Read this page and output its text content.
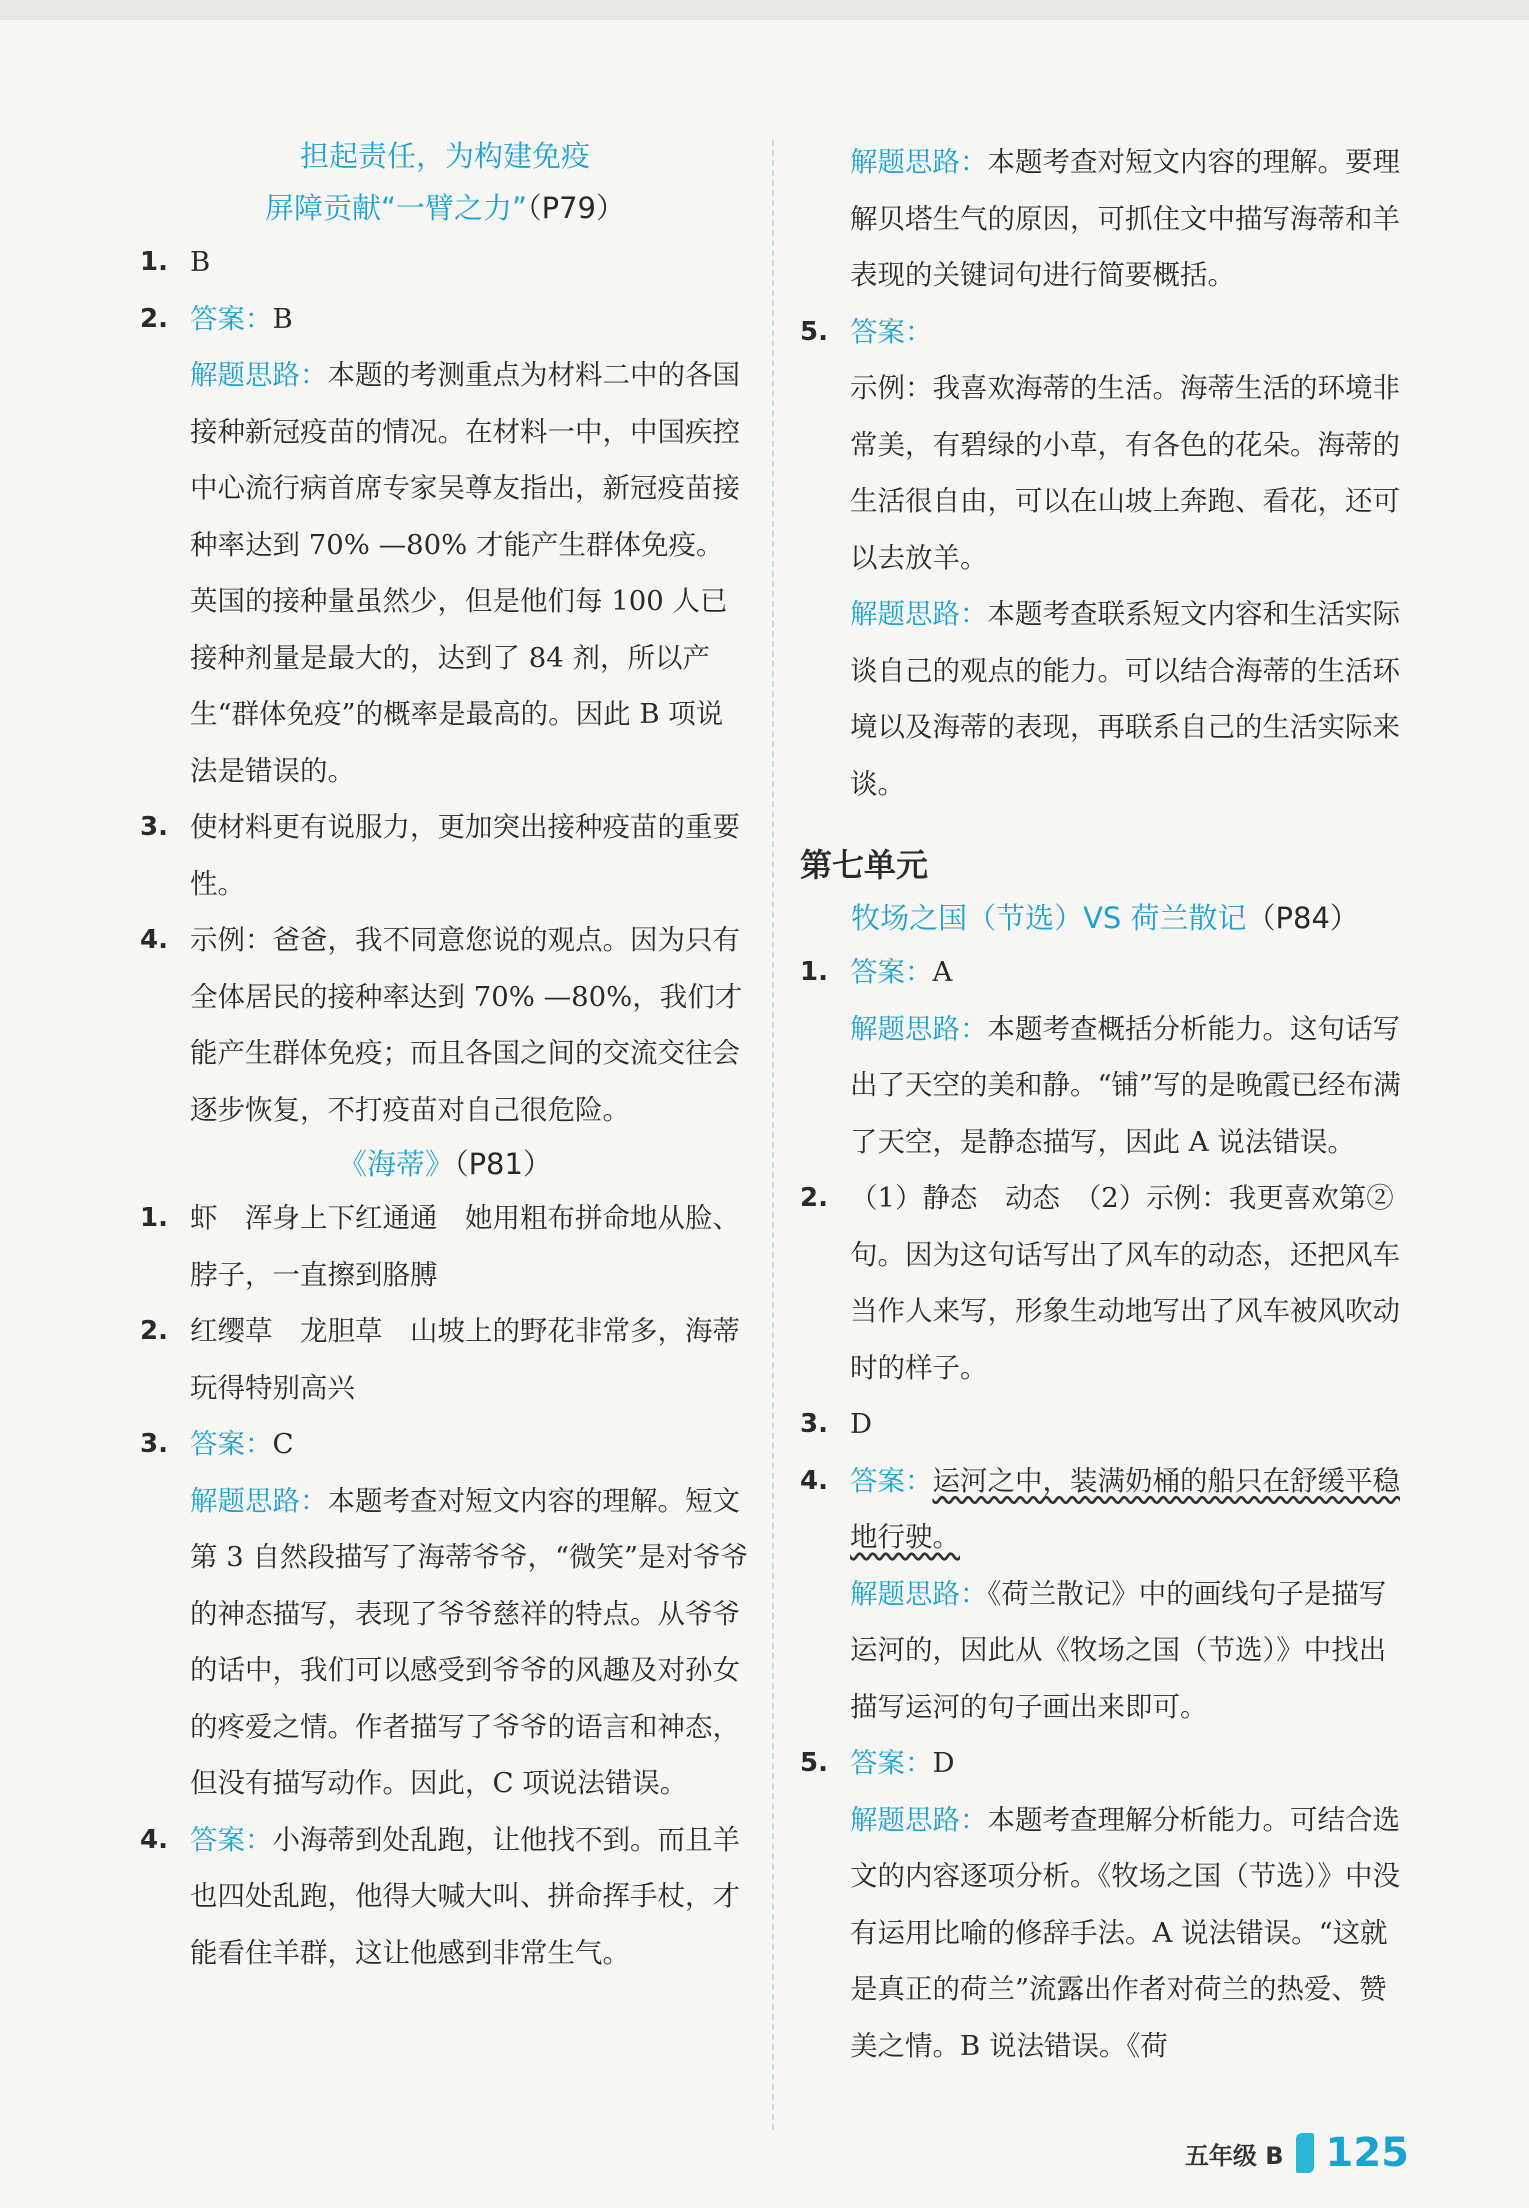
担起责任，为构建免疫
屏障贡献“一臂之力”（P79）
1. B
2. 答案：B
解题思路：本题的考测重点为材料二中的各国接种新冠疫苗的情况。在材料一中，中国疾控中心流行病首席专家吴尊友指出，新冠疫苗接种率达到 70% —80% 才能产生群体免疫。英国的接种量虽然少，但是他们每 100 人已接种剂量是最大的，达到了 84 剂，所以产生“群体免疫”的概率是最高的。因此 B 项说法是错误的。
3. 使材料更有说服力，更加突出接种疫苗的重要性。
4. 示例：爸爸，我不同意您说的观点。因为只有全体居民的接种率达到 70% —80%，我们才能产生群体免疫；而且各国之间的交流交往会逐步恢复，不打疫苗对自己很危险。
《海蒂》（P81）
1. 虾　浑身上下红通通　她用粗布拼命地从脸、脖子，一直擦到胳膊
2. 红缨草　龙胆草　山坡上的野花非常多，海蒂玩得特别高兴
3. 答案：C
解题思路：本题考查对短文内容的理解。短文第 3 自然段描写了海蒂爷爷，“微笑”是对爷爷的神态描写，表现了爷爷慈祥的特点。从爷爷的话中，我们可以感受到爷爷的风趣及对孙女的疼爱之情。作者描写了爷爷的语言和神态，但没有描写动作。因此，C 项说法错误。
4. 答案：小海蒂到处乱跑，让他找不到。而且羊也四处乱跑，他得大喊大叫、拼命挥手杖，才能看住羊群，这让他感到非常生气。
解题思路：本题考查对短文内容的理解。要理解贝塔生气的原因，可抓住文中描写海蒂和羊表现的关键词句进行简要概括。
5. 答案：
示例：我喜欢海蒂的生活。海蒂生活的环境非常美，有碧绿的小草，有各色的花朵。海蒂的生活很自由，可以在山坡上奔跑、看花，还可以去放羊。
解题思路：本题考查联系短文内容和生活实际谈自己的观点的能力。可以结合海蒂的生活环境以及海蒂的表现，再联系自己的生活实际来谈。
第七单元
牧场之国（节选）VS 荷兰散记（P84）
1. 答案：A
解题思路：本题考查概括分析能力。这句话写出了天空的美和静。“铺”写的是晚霞已经布满了天空，是静态描写，因此 A 说法错误。
2. （1）静态　动态　（2）示例：我更喜欢第②句。因为这句话写出了风车的动态，还把风车当作人来写，形象生动地写出了风车被风吹动时的样子。
3. D
4. 答案：运河之中，装满奶桶的船只在舒缓平稳地行驶。
解题思路：《荷兰散记》中的画线句子是描写运河的，因此从《牧场之国（节选）》中找出描写运河的句子画出来即可。
5. 答案：D
解题思路：本题考查理解分析能力。可结合选文的内容逐项分析。《牧场之国（节选）》中没有运用比喻的修辞手法。A 说法错误。“这就是真正的荷兰”流露出作者对荷兰的热爱、赞美之情。B 说法错误。《荷
五年级 B 125
